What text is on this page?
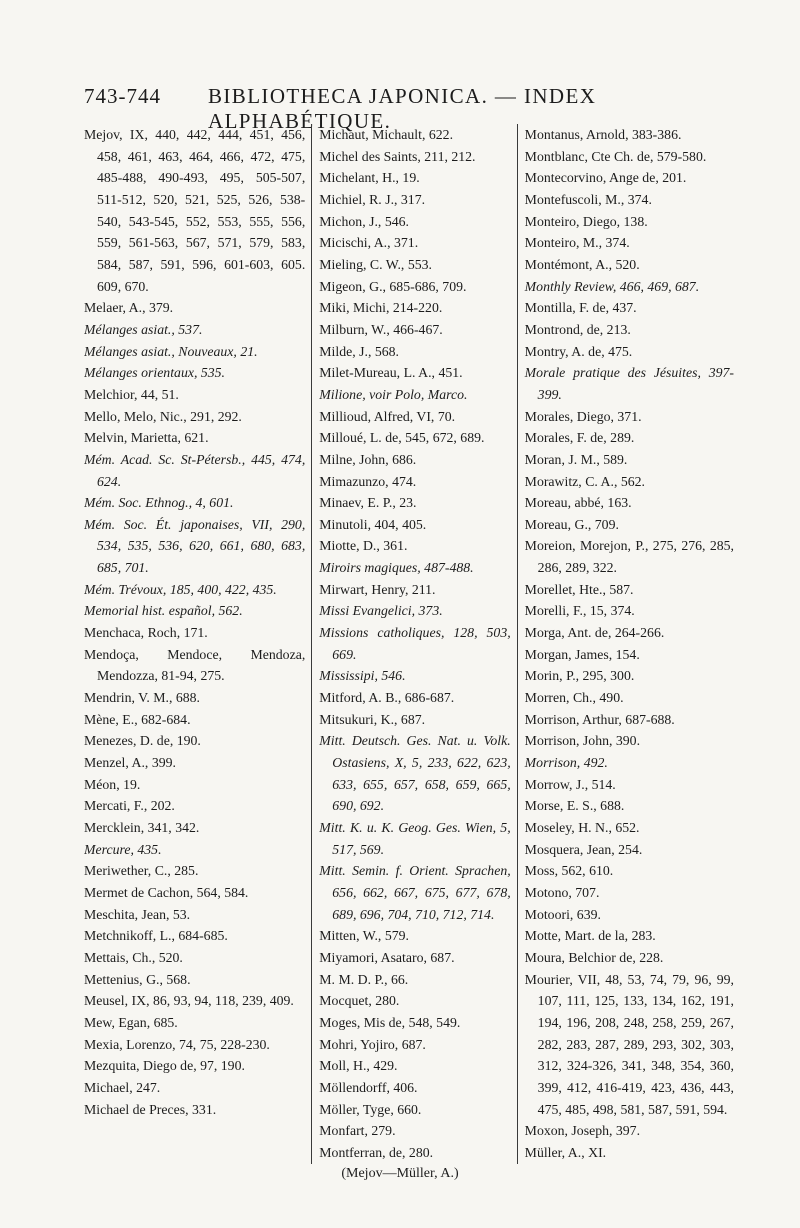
743-744 BIBLIOTHECA JAPONICA. — INDEX ALPHABÉTIQUE.
Mejov, IX, 440, 442, 444, 451, 456, 458, 461, 463, 464, 466, 472, 475, 485-488, 490-493, 495, 505-507, 511-512, 520, 521, 525, 526, 538-540, 543-545, 552, 553, 555, 556, 559, 561-563, 567, 571, 579, 583, 584, 587, 591, 596, 601-603, 605. 609, 670.
Melaer, A., 379.
Mélanges asiat., 537.
Mélanges asiat., Nouveaux, 21.
Mélanges orientaux, 535.
Melchior, 44, 51.
Mello, Melo, Nic., 291, 292.
Melvin, Marietta, 621.
Mém. Acad. Sc. St-Pétersb., 445, 474, 624.
Mém. Soc. Ethnog., 4, 601.
Mém. Soc. Ét. japonaises, VII, 290, 534, 535, 536, 620, 661, 680, 683, 685, 701.
Mém. Trévoux, 185, 400, 422, 435.
Memorial hist. español, 562.
Menchaca, Roch, 171.
Mendoça, Mendoce, Mendoza, Mendozza, 81-94, 275.
Mendrin, V. M., 688.
Mène, E., 682-684.
Menezes, D. de, 190.
Menzel, A., 399.
Méon, 19.
Mercati, F., 202.
Mercklein, 341, 342.
Mercure, 435.
Meriwether, C., 285.
Mermet de Cachon, 564, 584.
Meschita, Jean, 53.
Metchnikoff, L., 684-685.
Mettais, Ch., 520.
Mettenius, G., 568.
Meusel, IX, 86, 93, 94, 118, 239, 409.
Mew, Egan, 685.
Mexia, Lorenzo, 74, 75, 228-230.
Mezquita, Diego de, 97, 190.
Michael, 247.
Michael de Preces, 331.
Michaut, Michault, 622.
Michel des Saints, 211, 212.
Michelant, H., 19.
Michiel, R. J., 317.
Michon, J., 546.
Micischi, A., 371.
Mieling, C. W., 553.
Migeon, G., 685-686, 709.
Miki, Michi, 214-220.
Milburn, W., 466-467.
Milde, J., 568.
Milet-Mureau, L. A., 451.
Milione, voir Polo, Marco.
Millioud, Alfred, VI, 70.
Milloué, L. de, 545, 672, 689.
Milne, John, 686.
Mimazunzo, 474.
Minaev, E. P., 23.
Minutoli, 404, 405.
Miotte, D., 361.
Miroirs magiques, 487-488.
Mirwart, Henry, 211.
Missi Evangelici, 373.
Missions catholiques, 128, 503, 669.
Mississipi, 546.
Mitford, A. B., 686-687.
Mitsukuri, K., 687.
Mitt. Deutsch. Ges. Nat. u. Volk. Ostasiens, X, 5, 233, 622, 623, 633, 655, 657, 658, 659, 665, 690, 692.
Mitt. K. u. K. Geog. Ges. Wien, 5, 517, 569.
Mitt. Semin. f. Orient. Sprachen, 656, 662, 667, 675, 677, 678, 689, 696, 704, 710, 712, 714.
Mitten, W., 579.
Miyamori, Asataro, 687.
M. M. D. P., 66.
Mocquet, 280.
Moges, Mis de, 548, 549.
Mohri, Yojiro, 687.
Moll, H., 429.
Möllendorff, 406.
Möller, Tyge, 660.
Monfart, 279.
Montferran, de, 280.
Montanus, Arnold, 383-386.
Montblanc, Cte Ch. de, 579-580.
Montecorvino, Ange de, 201.
Montefuscoli, M., 374.
Monteiro, Diego, 138.
Monteiro, M., 374.
Montémont, A., 520.
Monthly Review, 466, 469, 687.
Montilla, F. de, 437.
Montrond, de, 213.
Montry, A. de, 475.
Morale pratique des Jésuites, 397-399.
Morales, Diego, 371.
Morales, F. de, 289.
Moran, J. M., 589.
Morawitz, C. A., 562.
Moreau, abbé, 163.
Moreau, G., 709.
Moreion, Morejon, P., 275, 276, 285, 286, 289, 322.
Morellet, Hte., 587.
Morelli, F., 15, 374.
Morga, Ant. de, 264-266.
Morgan, James, 154.
Morin, P., 295, 300.
Morren, Ch., 490.
Morrison, Arthur, 687-688.
Morrison, John, 390.
Morrison, 492.
Morrow, J., 514.
Morse, E. S., 688.
Moseley, H. N., 652.
Mosquera, Jean, 254.
Moss, 562, 610.
Motono, 707.
Motoori, 639.
Motte, Mart. de la, 283.
Moura, Belchior de, 228.
Mourier, VII, 48, 53, 74, 79, 96, 99, 107, 111, 125, 133, 134, 162, 191, 194, 196, 208, 248, 258, 259, 267, 282, 283, 287, 289, 293, 302, 303, 312, 324-326, 341, 348, 354, 360, 399, 412, 416-419, 423, 436, 443, 475, 485, 498, 581, 587, 591, 594.
Moxon, Joseph, 397.
Müller, A., XI.
(Mejov—Müller, A.)
